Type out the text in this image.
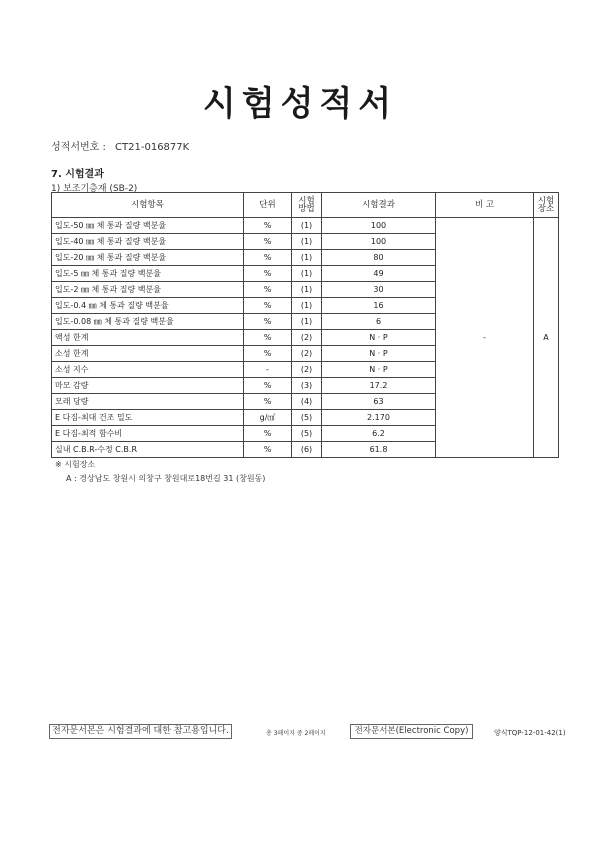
시험성적서
성적서번호 : CT21-016877K
7. 시험결과
1) 보조기층재 (SB-2)
시험항목	단위	시험방법	시험결과	비 고	시험장소
입도-50 ㎜ 체 통과 질량 백분율	%	(1)	100	-	A
입도-40 ㎜ 체 통과 질량 백분율	%	(1)	100		
입도-20 ㎜ 체 통과 질량 백분율	%	(1)	80		
입도-5 ㎜ 체 통과 질량 백분율	%	(1)	49		
입도-2 ㎜ 체 통과 질량 백분율	%	(1)	30		
입도-0.4 ㎜ 체 통과 질량 백분율	%	(1)	16		
입도-0.08 ㎜ 체 통과 질량 백분율	%	(1)	6		
액성 한계	%	(2)	N · P		
소성 한계	%	(2)	N · P		
소성 지수	-	(2)	N · P		
마모 감량	%	(3)	17.2		
모래 당량	%	(4)	63		
E 다짐-최대 건조 밀도	g/㎤	(5)	2.170		
E 다짐-최적 함수비	%	(5)	6.2		
실내 C.B.R-수정 C.B.R	%	(6)	61.8		
※ 시험장소
A : 경상남도 창원시 의창구 창원대로18번길 31 (창원동)
전자문서본은 시험결과에 대한 참고용입니다.	총 3페이지 중 2페이지	전자문서본(Electronic Copy)	양식TQP-12-01-42(1)
